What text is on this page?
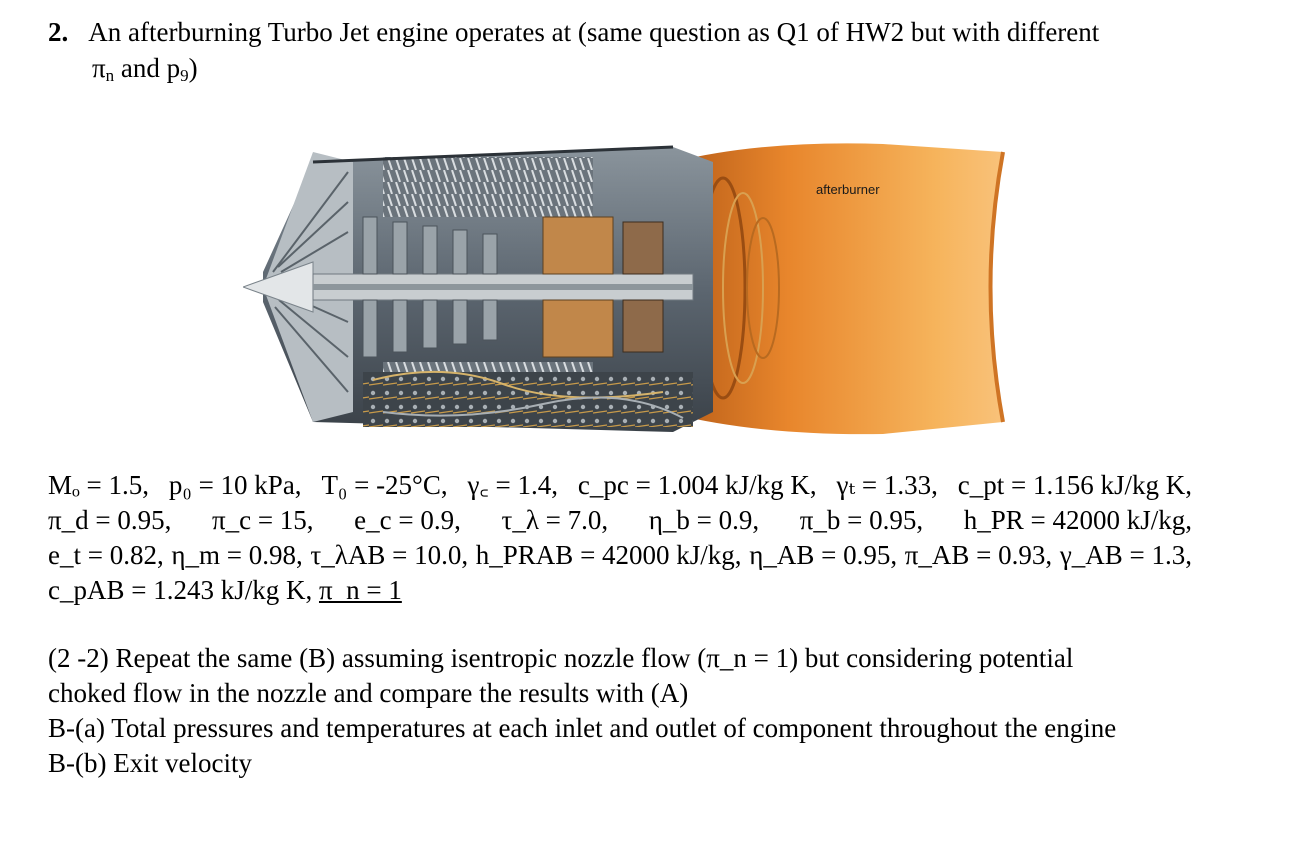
2. An afterburning Turbo Jet engine operates at (same question as Q1 of HW2 but with different
$\pi_n$ and $p_9$)
afterburner
Mₒ = 1.5, p₀ = 10 kPa, T₀ = -25°C, γ꜀ = 1.4, c_pc = 1.004 kJ/kg K, γₜ = 1.33, c_pt = 1.156 kJ/kg K,
π_d = 0.95, π_c = 15, e_c = 0.9, τ_λ = 7.0, η_b = 0.9, π_b = 0.95, h_PR = 42000 kJ/kg,
e_t = 0.82, η_m = 0.98, τ_λAB = 10.0, h_PRAB = 42000 kJ/kg, η_AB = 0.95, π_AB = 0.93, γ_AB = 1.3,
c_pAB = 1.243 kJ/kg K,
π_n = 1
(2 -2) Repeat the same (B) assuming isentropic nozzle flow (π_n = 1) but considering potential
choked flow in the nozzle and compare the results with (A)
B-(a) Total pressures and temperatures at each inlet and outlet of component throughout the engine
B-(b) Exit velocity
